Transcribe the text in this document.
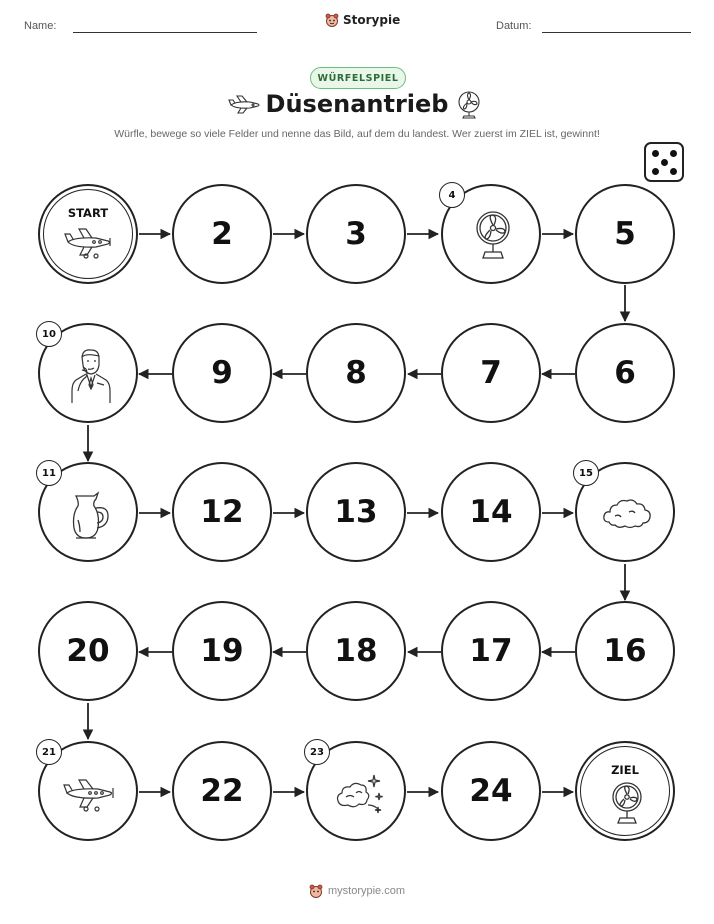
Name:	Storypie	Datum:
WÜRFELSPIEL
Düsenantrieb
Würfle, bewege so viele Felder und nenne das Bild, auf dem du landest. Wer zuerst im ZIEL ist, gewinnt!
START
2	3
4
5
6
7
8
9
10
11
12	13	14
15
16
17
18
19
20
21
22
23
24
ZIEL
mystorypie.com
